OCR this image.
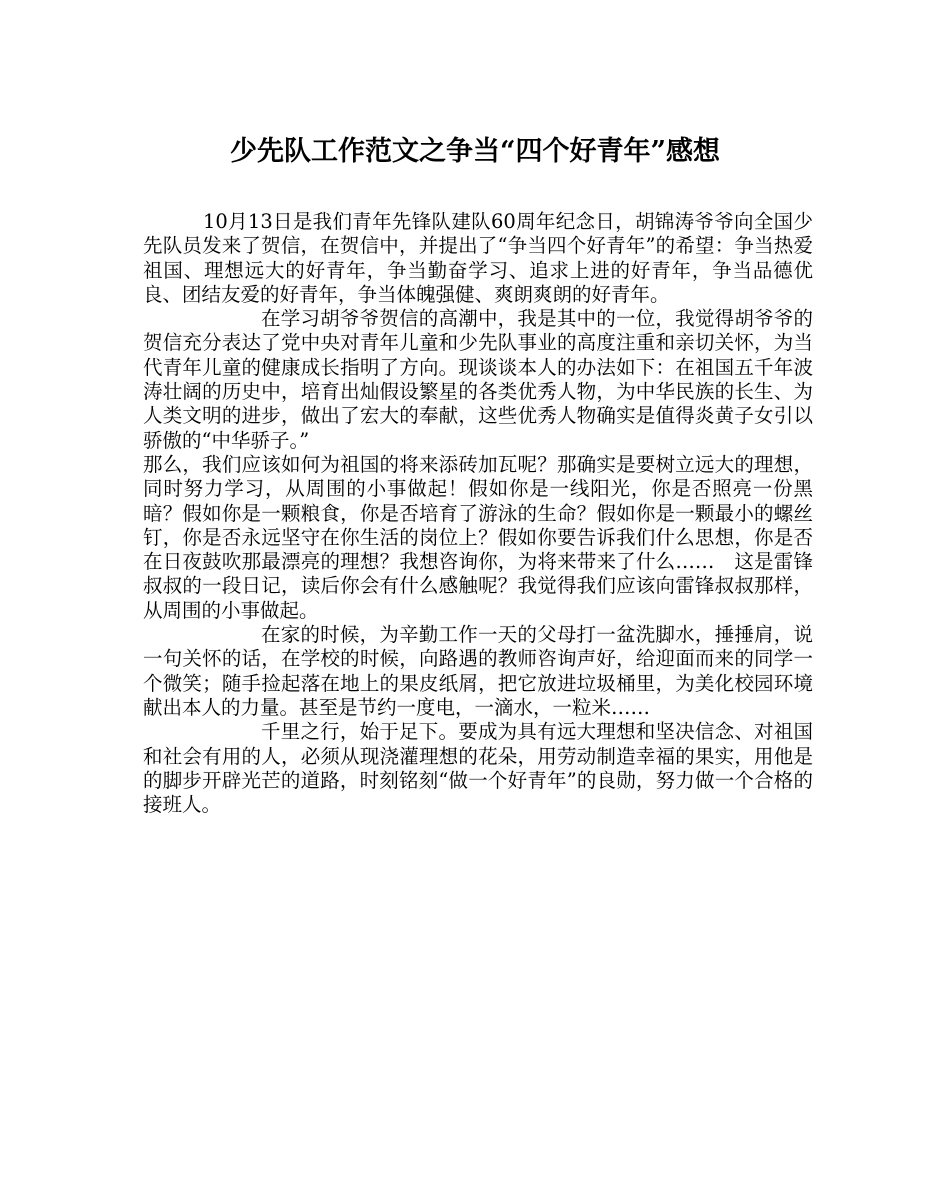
少先队工作范文之争当“四个好青年”感想

10月13日是我们青年先锋队建队60周年纪念日，胡锦涛爷爷向全国少先队员发来了贺信，在贺信中，并提出了“争当四个好青年”的希望：争当热爱祖国、理想远大的好青年，争当勤奋学习、追求上进的好青年，争当品德优良、团结友爱的好青年，争当体魄强健、爽朗爽朗的好青年。

在学习胡爷爷贺信的高潮中，我是其中的一位，我觉得胡爷爷的贺信充分表达了党中央对青年儿童和少先队事业的高度注重和亲切关怀，为当代青年儿童的健康成长指明了方向。现谈谈本人的办法如下：在祖国五千年波涛壮阔的历史中，培育出灿假设繁星的各类优秀人物，为中华民族的长生、为人类文明的进步，做出了宏大的奉献，这些优秀人物确实是值得炎黄子女引以骄傲的“中华骄子。”

那么，我们应该如何为祖国的将来添砖加瓦呢？那确实是要树立远大的理想，同时努力学习，从周围的小事做起！假如你是一线阳光，你是否照亮一份黑暗？假如你是一颗粮食，你是否培育了游泳的生命？假如你是一颗最小的螺丝钉，你是否永远坚守在你生活的岗位上？假如你要告诉我们什么思想，你是否在日夜鼓吹那最漂亮的理想？我想咨询你，为将来带来了什么……　这是雷锋叔叔的一段日记，读后你会有什么感触呢？我觉得我们应该向雷锋叔叔那样，从周围的小事做起。

在家的时候，为辛勤工作一天的父母打一盆洗脚水，捶捶肩，说一句关怀的话，在学校的时候，向路遇的教师咨询声好，给迎面而来的同学一个微笑；随手捡起落在地上的果皮纸屑，把它放进垃圾桶里，为美化校园环境献出本人的力量。甚至是节约一度电，一滴水，一粒米……

千里之行，始于足下。要成为具有远大理想和坚决信念、对祖国和社会有用的人，必须从现浇灌理想的花朵，用劳动制造幸福的果实，用他是的脚步开辟光芒的道路，时刻铭刻“做一个好青年”的良勋，努力做一个合格的接班人。
